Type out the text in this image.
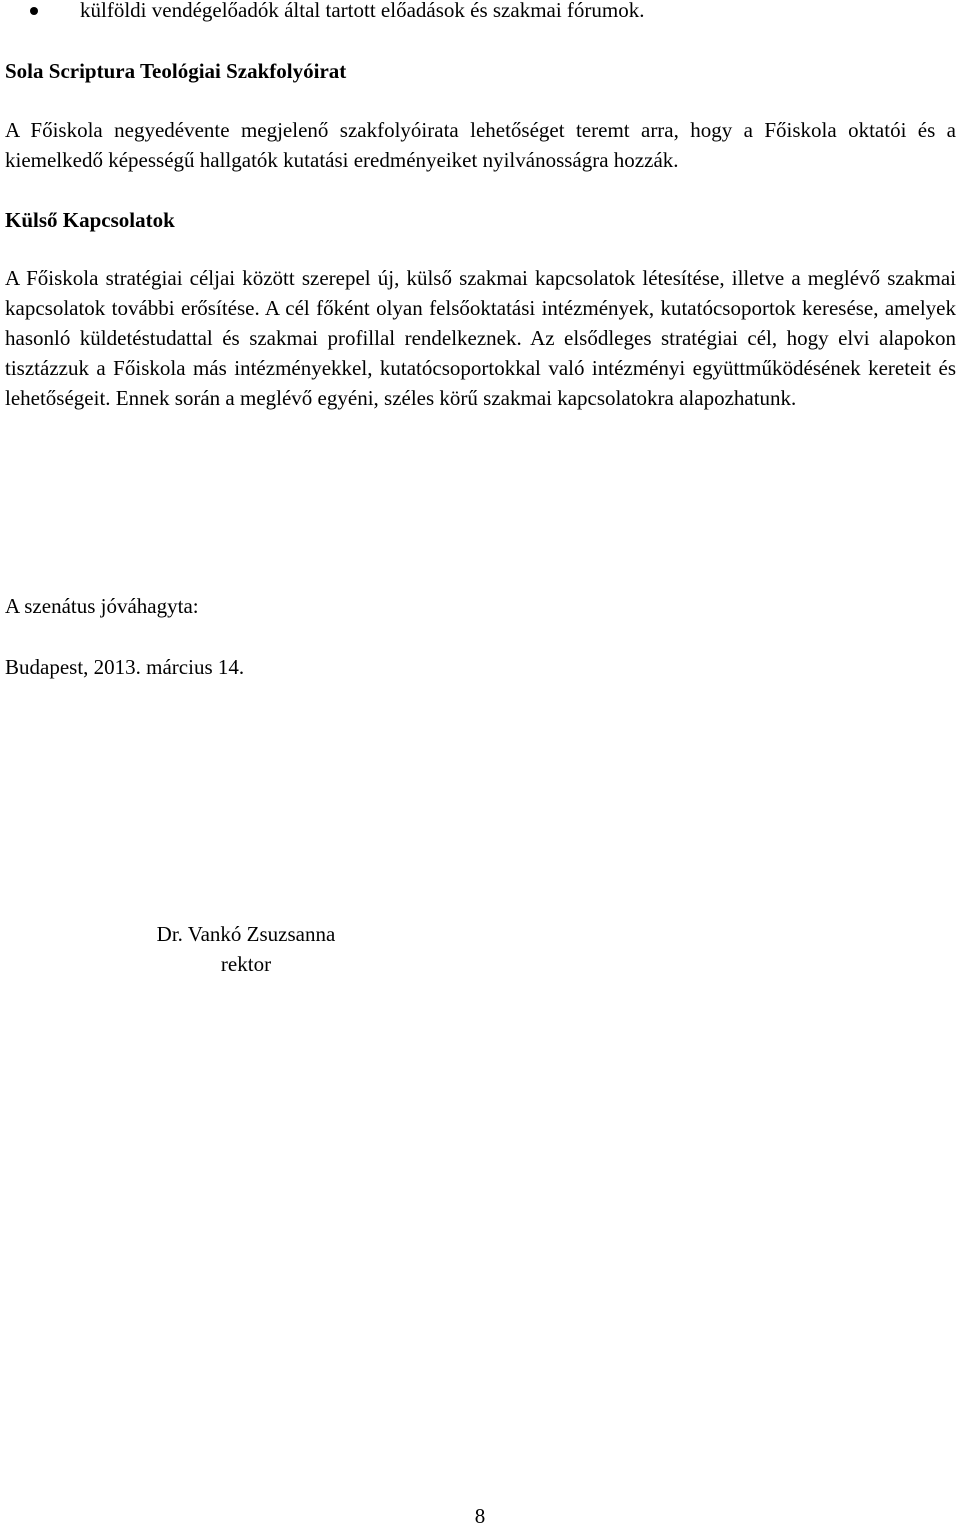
külföldi vendégelőadók által tartott előadások és szakmai fórumok.
Sola Scriptura Teológiai Szakfolyóirat
A Főiskola negyedévente megjelenő szakfolyóirata lehetőséget teremt arra, hogy a Főiskola oktatói és a kiemelkedő képességű hallgatók kutatási eredményeiket nyilvánosságra hozzák.
Külső Kapcsolatok
A Főiskola stratégiai céljai között szerepel új, külső szakmai kapcsolatok létesítése, illetve a meglévő szakmai kapcsolatok további erősítése. A cél főként olyan felsőoktatási intézmények, kutatócsoportok keresése, amelyek hasonló küldetéstudattal és szakmai profillal rendelkeznek. Az elsődleges stratégiai cél, hogy elvi alapokon tisztázzuk a Főiskola más intézményekkel, kutatócsoportokkal való intézményi együttműködésének kereteit és lehetőségeit. Ennek során a meglévő egyéni, széles körű szakmai kapcsolatokra alapozhatunk.
A szenátus jóváhagyta:
Budapest, 2013. március 14.
Dr. Vankó Zsuzsanna
rektor
8
